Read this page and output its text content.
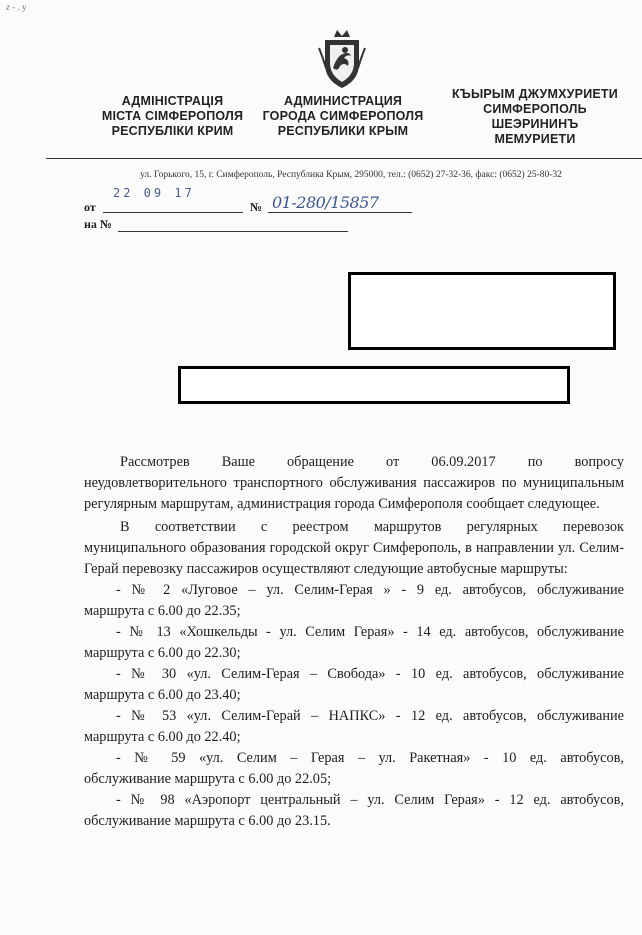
z - . y
АДМІНІСТРАЦІЯ
МІСТА СІМФЕРОПОЛЯ
РЕСПУБЛІКИ КРИМ
АДМИНИСТРАЦИЯ
ГОРОДА СИМФЕРОПОЛЯ
РЕСПУБЛИКИ КРЫМ
КЪЫРЫМ ДЖУМХУРИЕТИ
СИМФЕРОПОЛЬ
ШЕЭРИНИНЪ
МЕМУРИЕТИ
ул. Горького, 15, г. Симферополь, Республика Крым, 295000, тел.: (0652) 27-32-36, факс: (0652) 25-80-32
от
22 09 17
№ 01-280/15857
на №

Рассмотрев Ваше обращение от 06.09.2017 по вопросу
неудовлетворительного транспортного обслуживания пассажиров по муниципальным регулярным маршрутам, администрация города Симферополя сообщает следующее.

В соответствии с реестром маршрутов регулярных перевозок
муниципального образования городской округ Симферополь, в направлении ул. Селим-Герай перевозку пассажиров осуществляют следующие автобусные маршруты:

- № 2 «Луговое – ул. Селим-Герая » - 9 ед. автобусов, обслуживание
маршрута с 6.00 до 22.35;
- № 13 «Хошкельды - ул. Селим Герая» - 14 ед. автобусов, обслуживание
маршрута с 6.00 до 22.30;
- № 30 «ул. Селим-Герая – Свобода» - 10 ед. автобусов, обслуживание
маршрута с 6.00 до 23.40;
- № 53 «ул. Селим-Герай – НАПКС» - 12 ед. автобусов, обслуживание
маршрута с 6.00 до 22.40;
- № 59 «ул. Селим – Герая – ул. Ракетная» - 10 ед. автобусов,
обслуживание маршрута с 6.00 до 22.05;
- № 98 «Аэропорт центральный – ул. Селим Герая» - 12 ед. автобусов,
обслуживание маршрута с 6.00 до 23.15.
